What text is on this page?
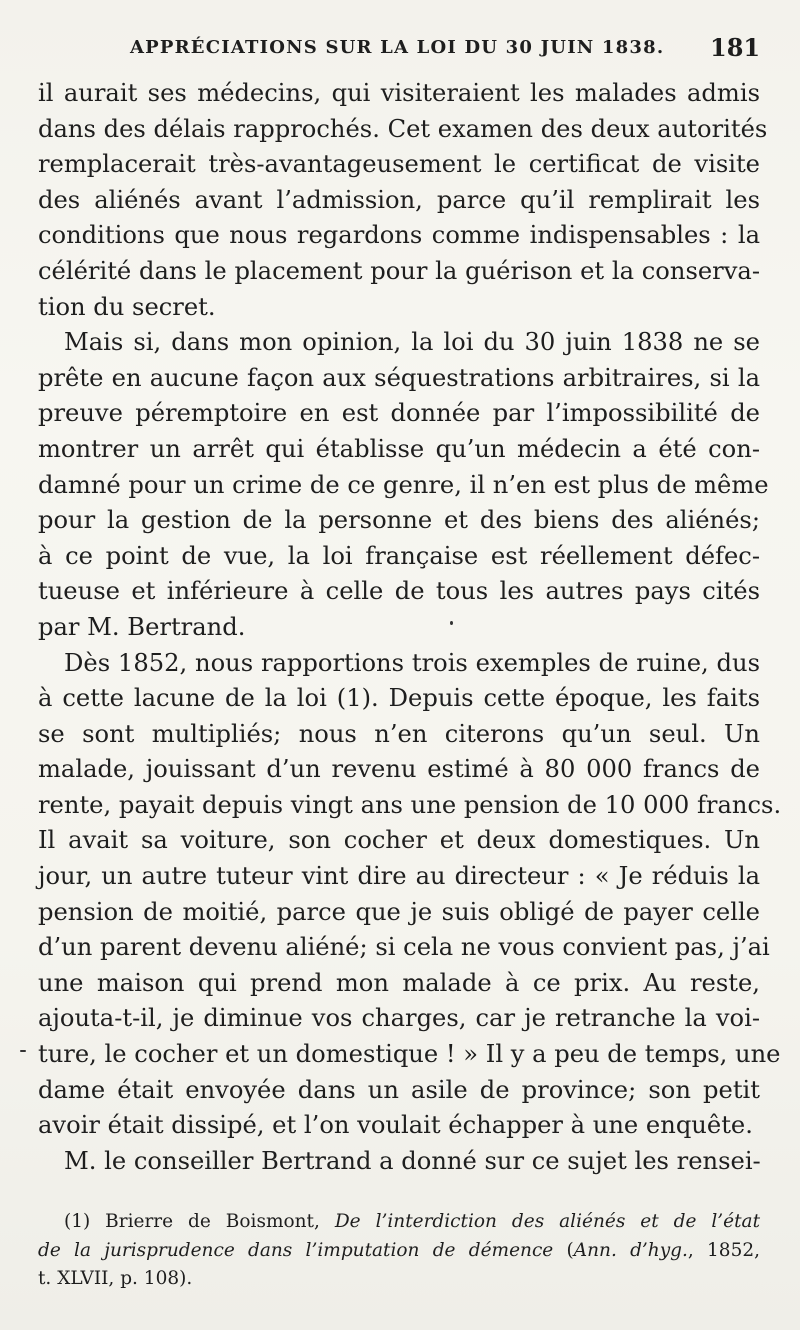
APPRÉCIATIONS SUR LA LOI DU 30 JUIN 1838. 181
il aurait ses médecins, qui visiteraient les malades admis
dans des délais rapprochés. Cet examen des deux autorités
remplacerait très-avantageusement le certificat de visite
des aliénés avant l’admission, parce qu’il remplirait les
conditions que nous regardons comme indispensables : la
célérité dans le placement pour la guérison et la conserva-
tion du secret.
Mais si, dans mon opinion, la loi du 30 juin 1838 ne se
prête en aucune façon aux séquestrations arbitraires, si la
preuve péremptoire en est donnée par l’impossibilité de
montrer un arrêt qui établisse qu’un médecin a été con-
damné pour un crime de ce genre, il n’en est plus de même
pour la gestion de la personne et des biens des aliénés;
à ce point de vue, la loi française est réellement défec-
tueuse et inférieure à celle de tous les autres pays cités
par M. Bertrand.
Dès 1852, nous rapportions trois exemples de ruine, dus
à cette lacune de la loi (1). Depuis cette époque, les faits
se sont multipliés; nous n’en citerons qu’un seul. Un
malade, jouissant d’un revenu estimé à 80 000 francs de
rente, payait depuis vingt ans une pension de 10 000 francs.
Il avait sa voiture, son cocher et deux domestiques. Un
jour, un autre tuteur vint dire au directeur : « Je réduis la
pension de moitié, parce que je suis obligé de payer celle
d’un parent devenu aliéné; si cela ne vous convient pas, j’ai
une maison qui prend mon malade à ce prix. Au reste,
ajouta-t-il, je diminue vos charges, car je retranche la voi-
ture, le cocher et un domestique ! » Il y a peu de temps, une
dame était envoyée dans un asile de province; son petit
avoir était dissipé, et l’on voulait échapper à une enquête.
M. le conseiller Bertrand a donné sur ce sujet les rensei-
(1) Brierre de Boismont, De l’interdiction des aliénés et de l’état
de la jurisprudence dans l’imputation de démence (Ann. d’hyg., 1852,
t. XLVII, p. 108).
